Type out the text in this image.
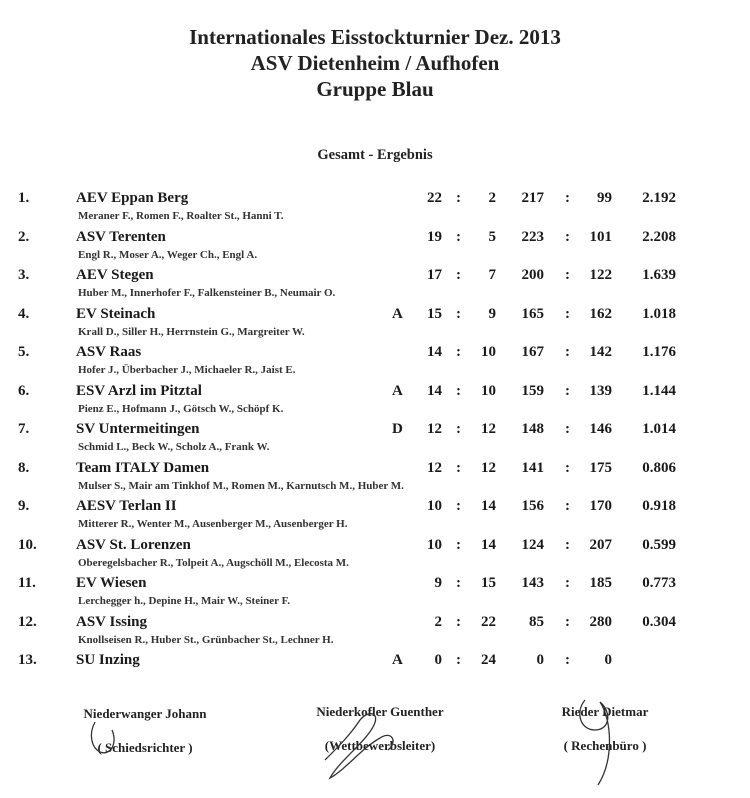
Internationales Eisstockturnier Dez. 2013
ASV Dietenheim / Aufhofen
Gruppe Blau
Gesamt - Ergebnis
1.	AEV Eppan Berg	22 :	2	217 :	99	2.192
Meraner F., Romen F., Roalter St., Hanni T.
2.	ASV Terenten	19 :	5	223 :	101	2.208
Engl R., Moser A., Weger Ch., Engl A.
3.	AEV Stegen	17 :	7	200 :	122	1.639
Huber M., Innerhofer F., Falkensteiner B., Neumair O.
4.	EV Steinach	A	15 :	9	165 :	162	1.018
Krall D., Siller H., Herrnstein G., Margreiter W.
5.	ASV Raas	14 :	10	167 :	142	1.176
Hofer J., Überbacher J., Michaeler R., Jaist E.
6.	ESV Arzl im Pitztal	A	14 :	10	159 :	139	1.144
Pienz E., Hofmann J., Götsch W., Schöpf K.
7.	SV Untermeitingen	D	12 :	12	148 :	146	1.014
Schmid L., Beck W., Scholz A., Frank W.
8.	Team ITALY Damen	12 :	12	141 :	175	0.806
Mulser S., Mair am Tinkhof M., Romen M., Karnutsch M., Huber M.
9.	AESV Terlan II	10 :	14	156 :	170	0.918
Mitterer R., Wenter M., Ausenberger M., Ausenberger H.
10.	ASV St. Lorenzen	10 :	14	124 :	207	0.599
Oberegelsbacher R., Tolpeit A., Augschöll M., Elecosta M.
11.	EV Wiesen	9 :	15	143 :	185	0.773
Lerchegger h., Depine H., Mair W., Steiner F.
12.	ASV Issing	2 :	22	85 :	280	0.304
Knollseisen R., Huber St., Grünbacher St., Lechner H.
13.	SU Inzing	A	0 :	24	0 :	0
Niederwanger Johann
( Schiedsrichter )
Niederkofler Guenther
(Wettbewerbsleiter)
Rieder Dietmar
( Rechenbüro )
